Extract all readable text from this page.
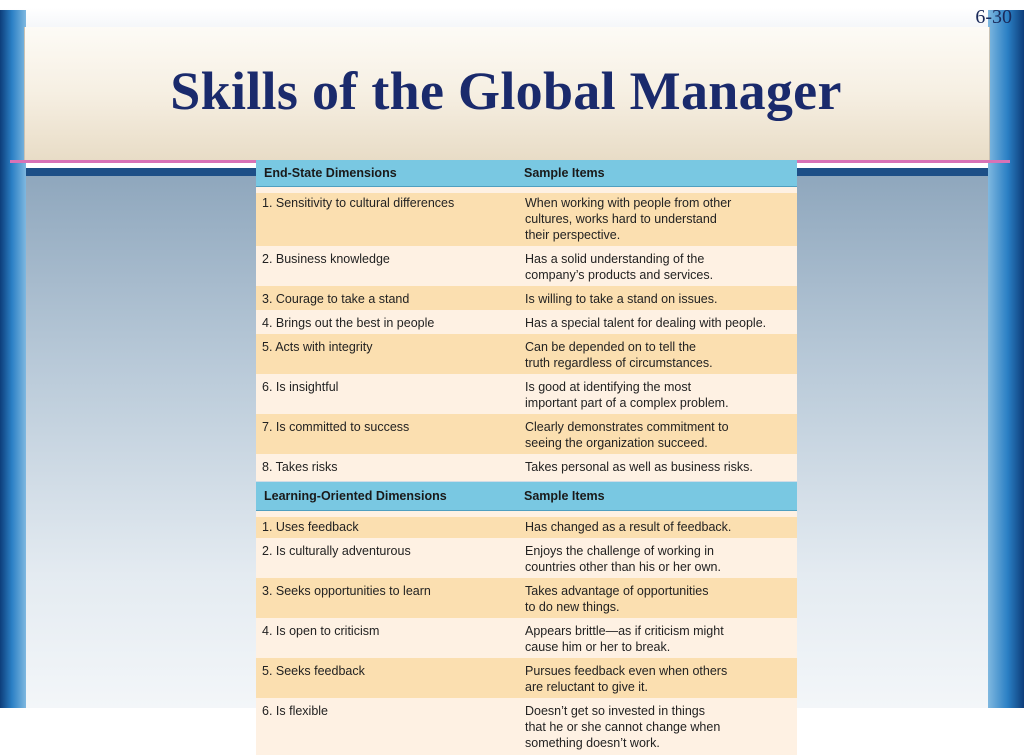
6-30
Skills of the Global Manager
End-State Dimensions	Sample Items
1. Sensitivity to cultural differences	When working with people from other
cultures, works hard to understand
their perspective.
2. Business knowledge	Has a solid understanding of the
company’s products and services.
3. Courage to take a stand	Is willing to take a stand on issues.
4. Brings out the best in people	Has a special talent for dealing with people.
5. Acts with integrity	Can be depended on to tell the
truth regardless of circumstances.
6. Is insightful	Is good at identifying the most
important part of a complex problem.
7. Is committed to success	Clearly demonstrates commitment to
seeing the organization succeed.
8. Takes risks	Takes personal as well as business risks.
Learning-Oriented Dimensions	Sample Items
1. Uses feedback	Has changed as a result of feedback.
2. Is culturally adventurous	Enjoys the challenge of working in
countries other than his or her own.
3. Seeks opportunities to learn	Takes advantage of opportunities
to do new things.
4. Is open to criticism	Appears brittle—as if criticism might
cause him or her to break.
5. Seeks feedback	Pursues feedback even when others
are reluctant to give it.
6. Is flexible	Doesn’t get so invested in things
that he or she cannot change when
something doesn’t work.
